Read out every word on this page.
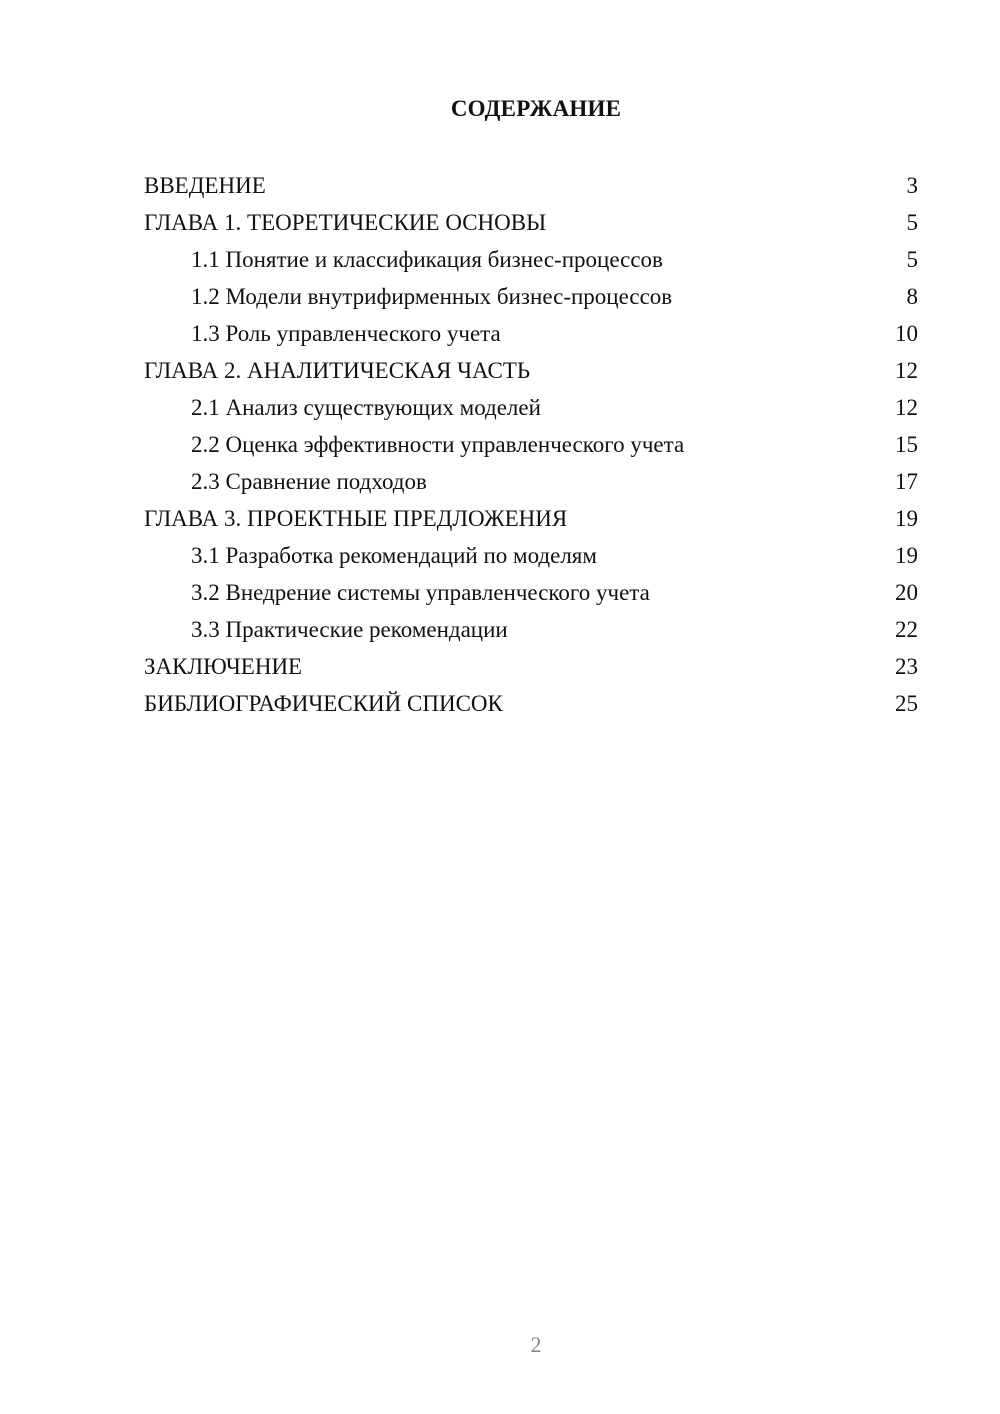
СОДЕРЖАНИЕ
ВВЕДЕНИЕ	3
ГЛАВА 1. ТЕОРЕТИЧЕСКИЕ ОСНОВЫ	5
1.1 Понятие и классификация бизнес-процессов	5
1.2 Модели внутрифирменных бизнес-процессов	8
1.3 Роль управленческого учета	10
ГЛАВА 2. АНАЛИТИЧЕСКАЯ ЧАСТЬ	12
2.1 Анализ существующих моделей	12
2.2 Оценка эффективности управленческого учета	15
2.3 Сравнение подходов	17
ГЛАВА 3. ПРОЕКТНЫЕ ПРЕДЛОЖЕНИЯ	19
3.1 Разработка рекомендаций по моделям	19
3.2 Внедрение системы управленческого учета	20
3.3 Практические рекомендации	22
ЗАКЛЮЧЕНИЕ	23
БИБЛИОГРАФИЧЕСКИЙ СПИСОК	25
2
